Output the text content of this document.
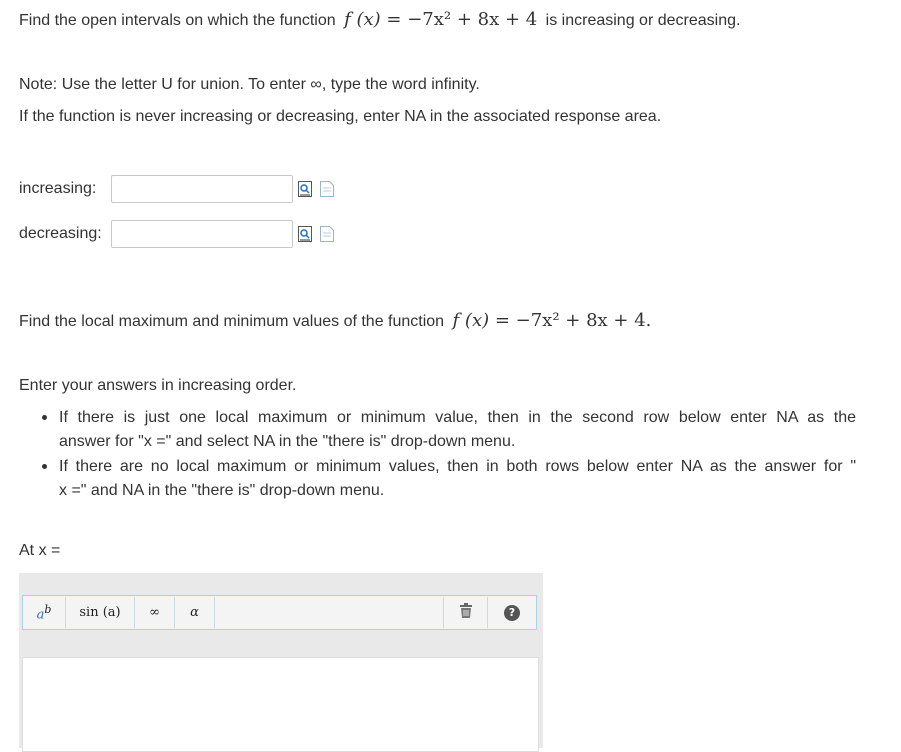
Find the open intervals on which the function f (x) = −7x² + 8x + 4 is increasing or decreasing.
Note: Use the letter U for union. To enter ∞, type the word infinity.
If the function is never increasing or decreasing, enter NA in the associated response area.
increasing:
decreasing:
Find the local maximum and minimum values of the function f (x) = −7x² + 8x + 4.
Enter your answers in increasing order.
If there is just one local maximum or minimum value, then in the second row below enter NA as the
answer for "x =" and select NA in the "there is" drop-down menu.
If there are no local maximum or minimum values, then in both rows below enter NA as the answer for "
x =" and NA in the "there is" drop-down menu.
At x =
$a^b$ sin (a) ∞ α	?
